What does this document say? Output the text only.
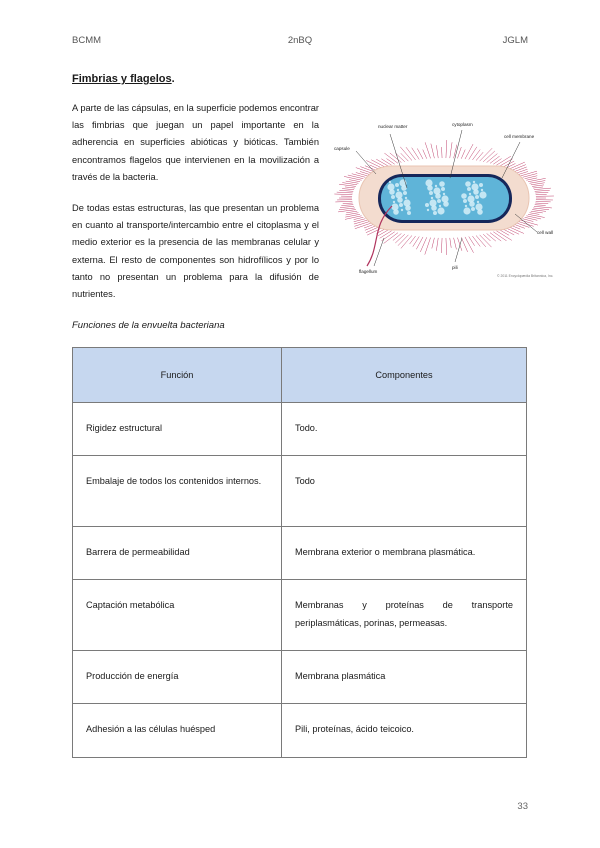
BCMM	2nBQ	JGLM
Fimbrias y flagelos.

A parte de las cápsulas, en la superficie podemos encontrar las fimbrias que juegan un papel importante en la adherencia en superficies abióticas y bióticas. También encontramos flagelos que intervienen en la movilización a través de la bacteria.

De todas estas estructuras, las que presentan un problema en cuanto al transporte/intercambio entre el citoplasma y el medio exterior es la presencia de las membranas celular y externa. El resto de componentes son hidrofílicos y por lo tanto no presentan un problema para la difusión de nutrientes.

nuclear matter	cytoplasm
capsule
cell membrane
cell wall
pili
flagellum
© 2011 Encyclopædia Britannica, Inc.
Funciones de la envuelta bacteriana
Función	Componentes
Rigidez estructural	Todo.
Embalaje de todos los contenidos internos.	Todo
Barrera de permeabilidad	Membrana exterior o membrana plasmática.
Captación metabólica	Membranas y proteínas de transporte periplasmáticas, porinas, permeasas.
Producción de energía	Membrana plasmática
Adhesión a las células huésped	Pili, proteínas, ácido teicoico.
33
